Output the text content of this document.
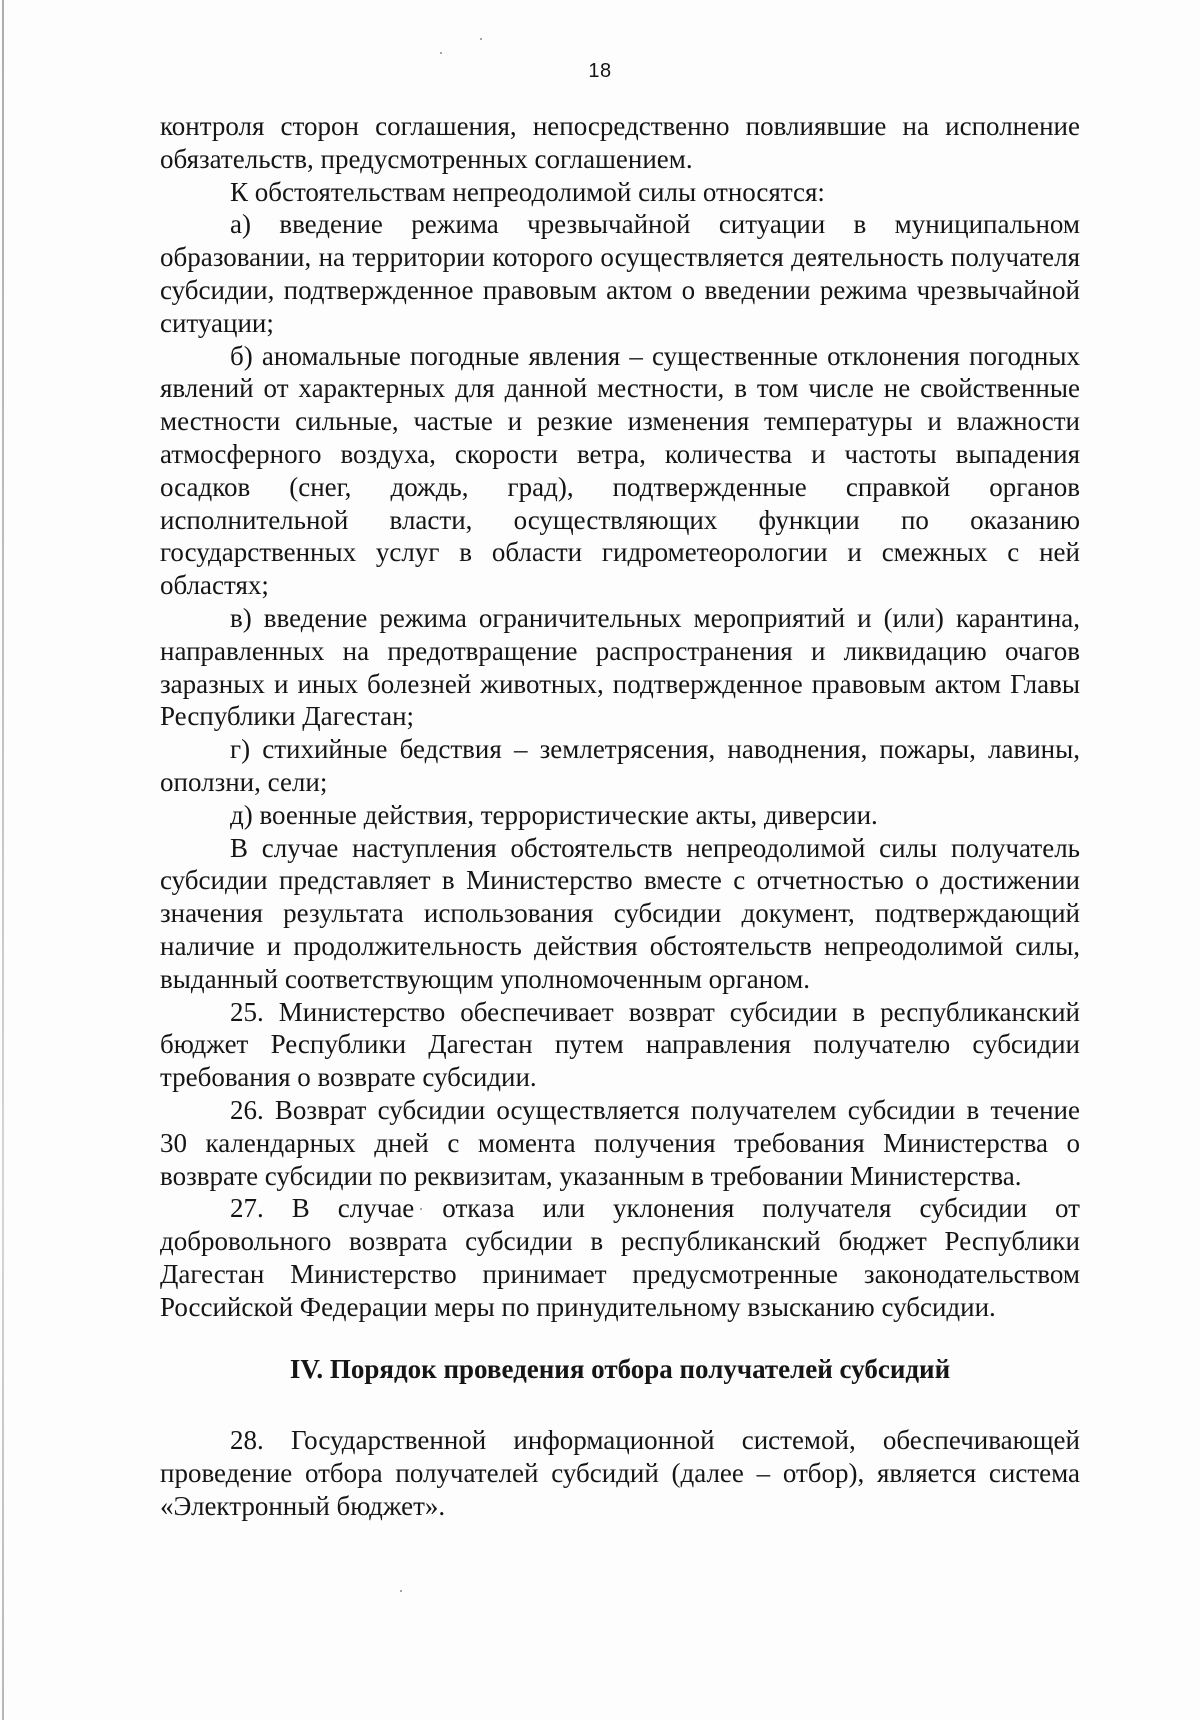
18

контроля сторон соглашения, непосредственно повлиявшие на исполнение обязательств, предусмотренных соглашением.

К обстоятельствам непреодолимой силы относятся:

а) введение режима чрезвычайной ситуации в муниципальном образовании, на территории которого осуществляется деятельность получателя субсидии, подтвержденное правовым актом о введении режима чрезвычайной ситуации;

б) аномальные погодные явления – существенные отклонения погодных явлений от характерных для данной местности, в том числе не свойственные местности сильные, частые и резкие изменения температуры и влажности атмосферного воздуха, скорости ветра, количества и частоты выпадения осадков (снег, дождь, град), подтвержденные справкой органов исполнительной власти, осуществляющих функции по оказанию государственных услуг в области гидрометеорологии и смежных с ней областях;

в) введение режима ограничительных мероприятий и (или) карантина, направленных на предотвращение распространения и ликвидацию очагов заразных и иных болезней животных, подтвержденное правовым актом Главы Республики Дагестан;

г) стихийные бедствия – землетрясения, наводнения, пожары, лавины, оползни, сели;

д) военные действия, террористические акты, диверсии.

В случае наступления обстоятельств непреодолимой силы получатель субсидии представляет в Министерство вместе с отчетностью о достижении значения результата использования субсидии документ, подтверждающий наличие и продолжительность действия обстоятельств непреодолимой силы, выданный соответствующим уполномоченным органом.

25. Министерство обеспечивает возврат субсидии в республиканский бюджет Республики Дагестан путем направления получателю субсидии требования о возврате субсидии.

26. Возврат субсидии осуществляется получателем субсидии в течение 30 календарных дней с момента получения требования Министерства о возврате субсидии по реквизитам, указанным в требовании Министерства.

27. В случае отказа или уклонения получателя субсидии от добровольного возврата субсидии в республиканский бюджет Республики Дагестан Министерство принимает предусмотренные законодательством Российской Федерации меры по принудительному взысканию субсидии.

IV. Порядок проведения отбора получателей субсидий

28. Государственной информационной системой, обеспечивающей проведение отбора получателей субсидий (далее – отбор), является система «Электронный бюджет».
